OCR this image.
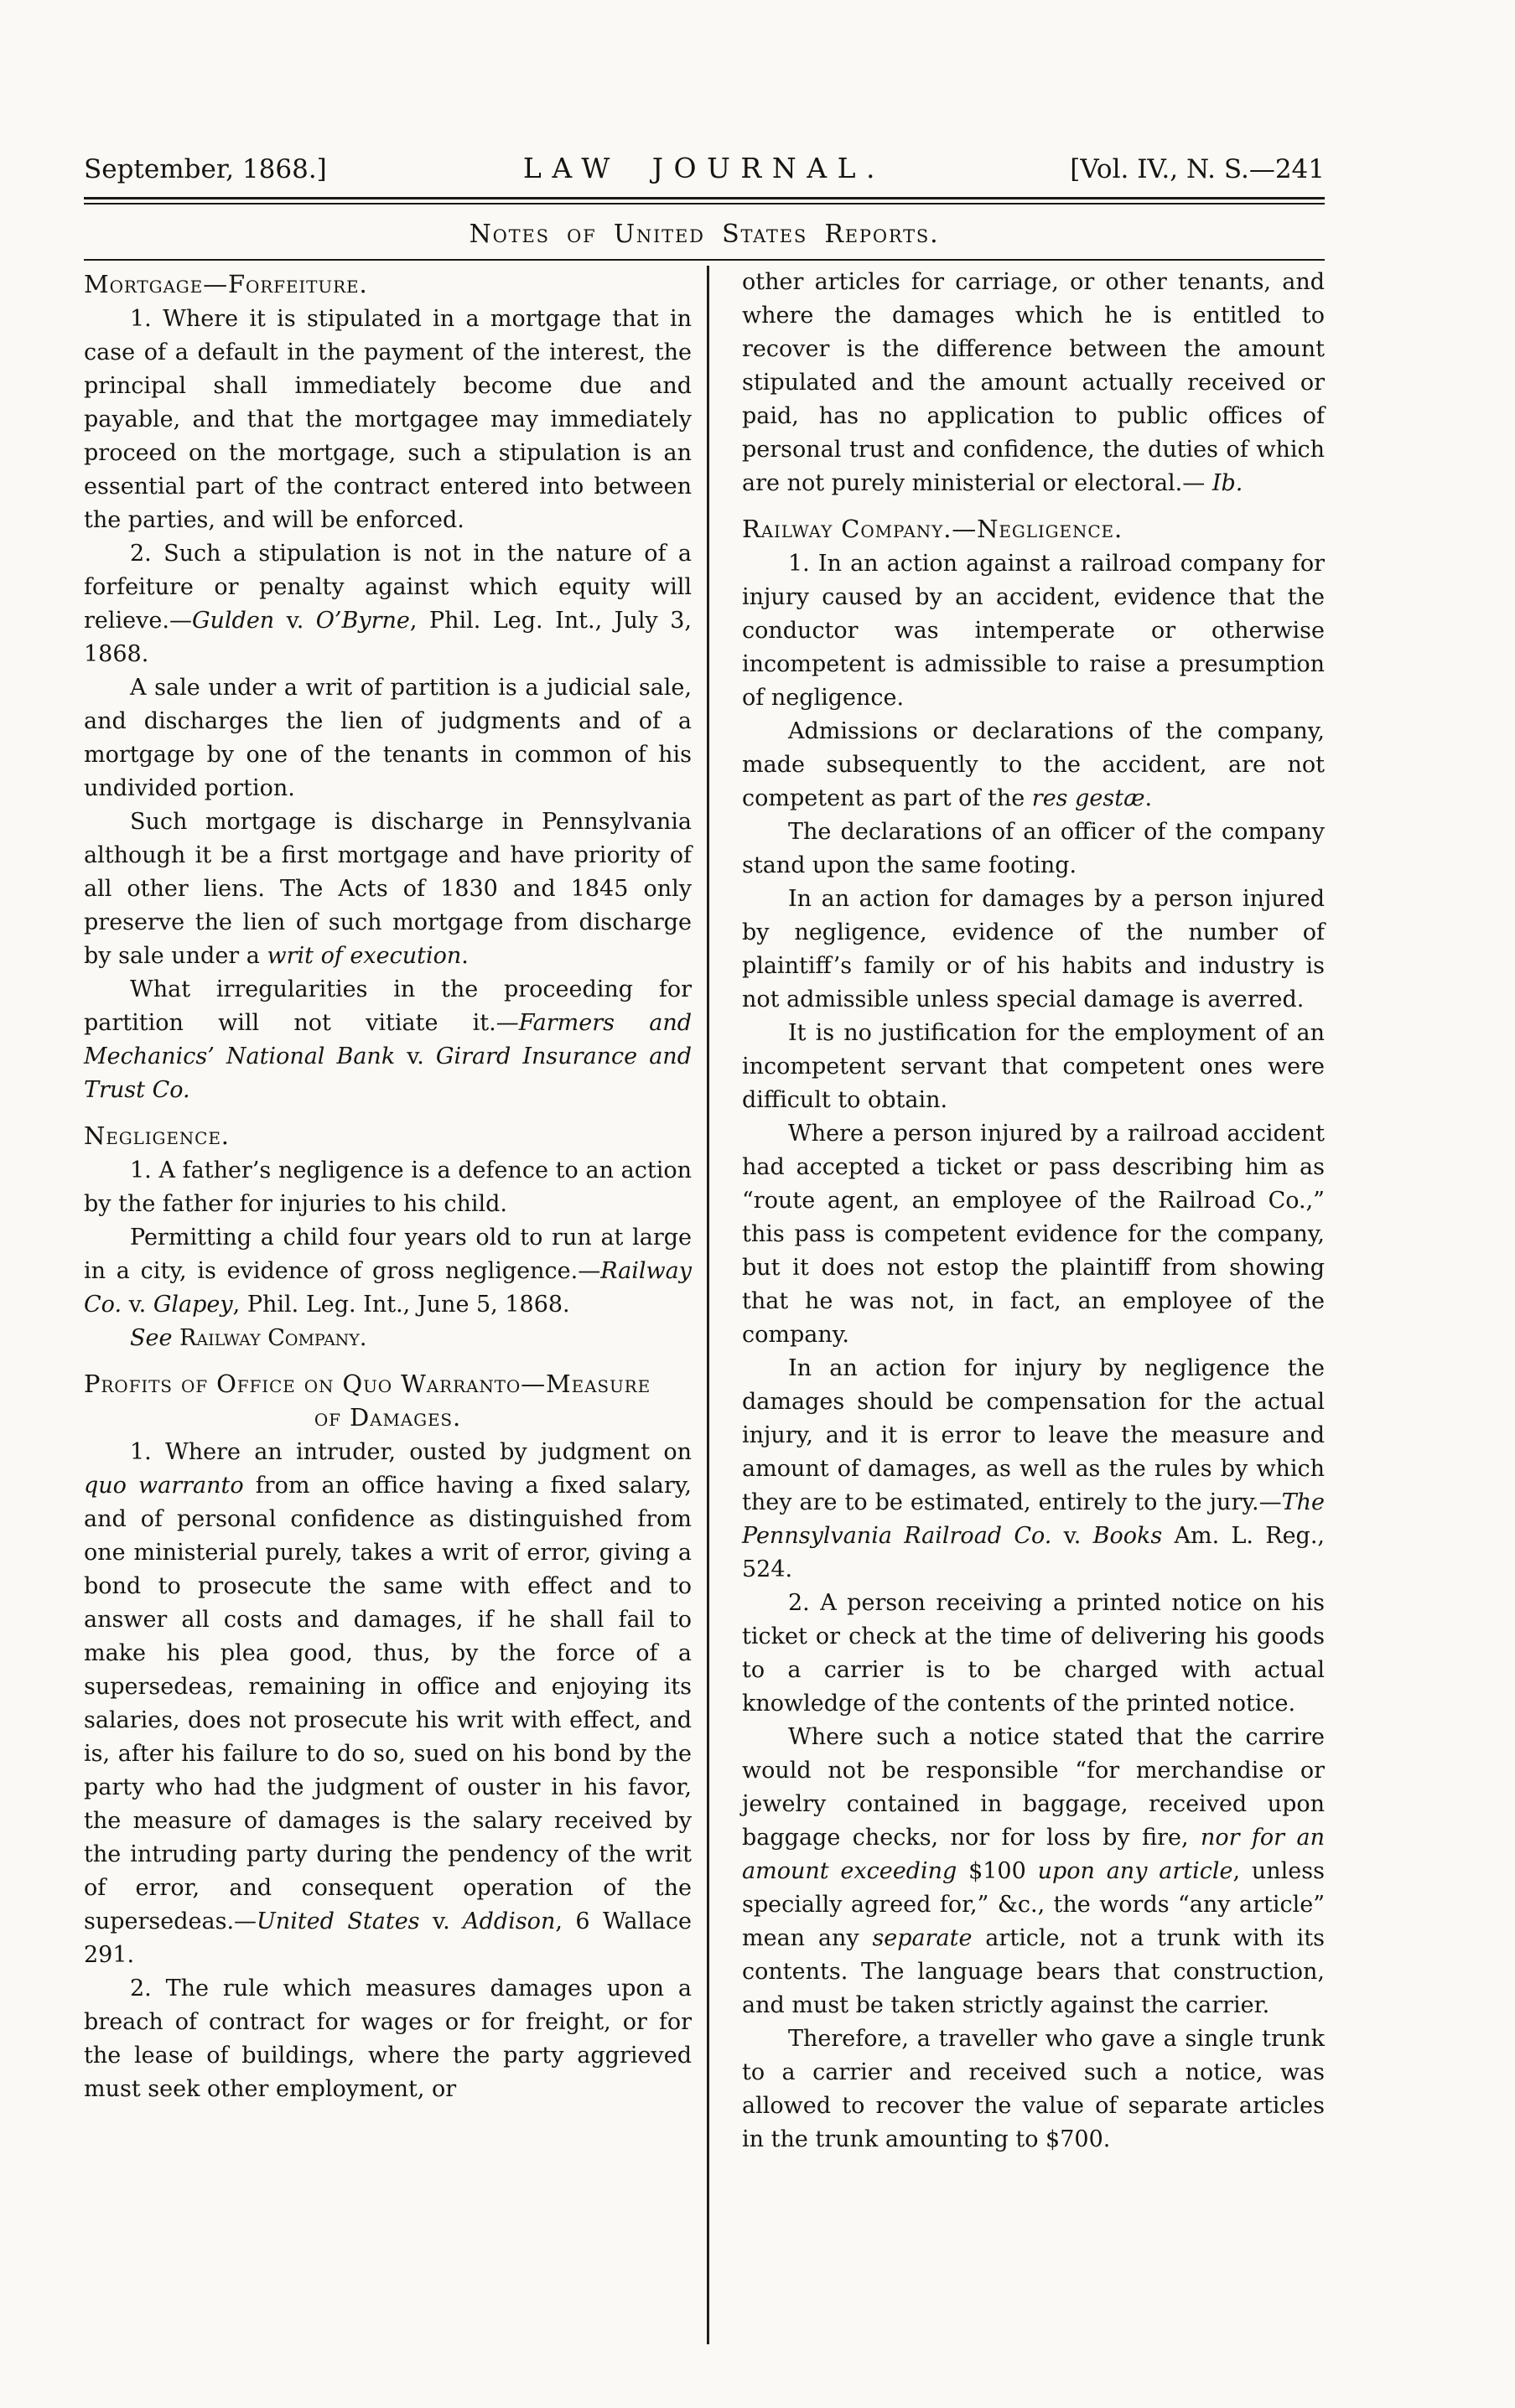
September, 1868.]	LAW JOURNAL.	[Vol. IV., N. S.—241
Notes of United States Reports.
Mortgage—Forfeiture.

1. Where it is stipulated in a mortgage that in case of a default in the payment of the interest, the principal shall immediately become due and payable, and that the mortgagee may immediately proceed on the mortgage, such a stipulation is an essential part of the contract entered into between the parties, and will be enforced.

2. Such a stipulation is not in the nature of a forfeiture or penalty against which equity will relieve.—Gulden v. O’Byrne, Phil. Leg. Int., July 3, 1868.

A sale under a writ of partition is a judicial sale, and discharges the lien of judgments and of a mortgage by one of the tenants in common of his undivided portion.

Such mortgage is discharge in Pennsylvania although it be a first mortgage and have priority of all other liens. The Acts of 1830 and 1845 only preserve the lien of such mortgage from discharge by sale under a writ of execution.

What irregularities in the proceeding for partition will not vitiate it.—Farmers and Mechanics’ National Bank v. Girard Insurance and Trust Co.

Negligence.

1. A father’s negligence is a defence to an action by the father for injuries to his child.

Permitting a child four years old to run at large in a city, is evidence of gross negligence.—Railway Co. v. Glapey, Phil. Leg. Int., June 5, 1868.

See Railway Company.

Profits of Office on Quo Warranto—Measure
of Damages.

1. Where an intruder, ousted by judgment on quo warranto from an office having a fixed salary, and of personal confidence as distinguished from one ministerial purely, takes a writ of error, giving a bond to prosecute the same with effect and to answer all costs and damages, if he shall fail to make his plea good, thus, by the force of a supersedeas, remaining in office and enjoying its salaries, does not prosecute his writ with effect, and is, after his failure to do so, sued on his bond by the party who had the judgment of ouster in his favor, the measure of damages is the salary received by the intruding party during the pendency of the writ of error, and consequent operation of the supersedeas.—United States v. Addison, 6 Wallace 291.

2. The rule which measures damages upon a breach of contract for wages or for freight, or for the lease of buildings, where the party aggrieved must seek other employment, or

other articles for carriage, or other tenants, and where the damages which he is entitled to recover is the difference between the amount stipulated and the amount actually received or paid, has no application to public offices of personal trust and confidence, the duties of which are not purely ministerial or electoral.— Ib.

Railway Company.—Negligence.

1. In an action against a railroad company for injury caused by an accident, evidence that the conductor was intemperate or otherwise incompetent is admissible to raise a presumption of negligence.

Admissions or declarations of the company, made subsequently to the accident, are not competent as part of the res gestæ.

The declarations of an officer of the company stand upon the same footing.

In an action for damages by a person injured by negligence, evidence of the number of plaintiff’s family or of his habits and industry is not admissible unless special damage is averred.

It is no justification for the employment of an incompetent servant that competent ones were difficult to obtain.

Where a person injured by a railroad accident had accepted a ticket or pass describing him as “route agent, an employee of the Railroad Co.,” this pass is competent evidence for the company, but it does not estop the plaintiff from showing that he was not, in fact, an employee of the company.

In an action for injury by negligence the damages should be compensation for the actual injury, and it is error to leave the measure and amount of damages, as well as the rules by which they are to be estimated, entirely to the jury.—The Pennsylvania Railroad Co. v. Books Am. L. Reg., 524.

2. A person receiving a printed notice on his ticket or check at the time of delivering his goods to a carrier is to be charged with actual knowledge of the contents of the printed notice.

Where such a notice stated that the carrire would not be responsible “for merchandise or jewelry contained in baggage, received upon baggage checks, nor for loss by fire, nor for an amount exceeding $100 upon any article, unless specially agreed for,” &c., the words “any article” mean any separate article, not a trunk with its contents. The language bears that construction, and must be taken strictly against the carrier.

Therefore, a traveller who gave a single trunk to a carrier and received such a notice, was allowed to recover the value of separate articles in the trunk amounting to $700.
